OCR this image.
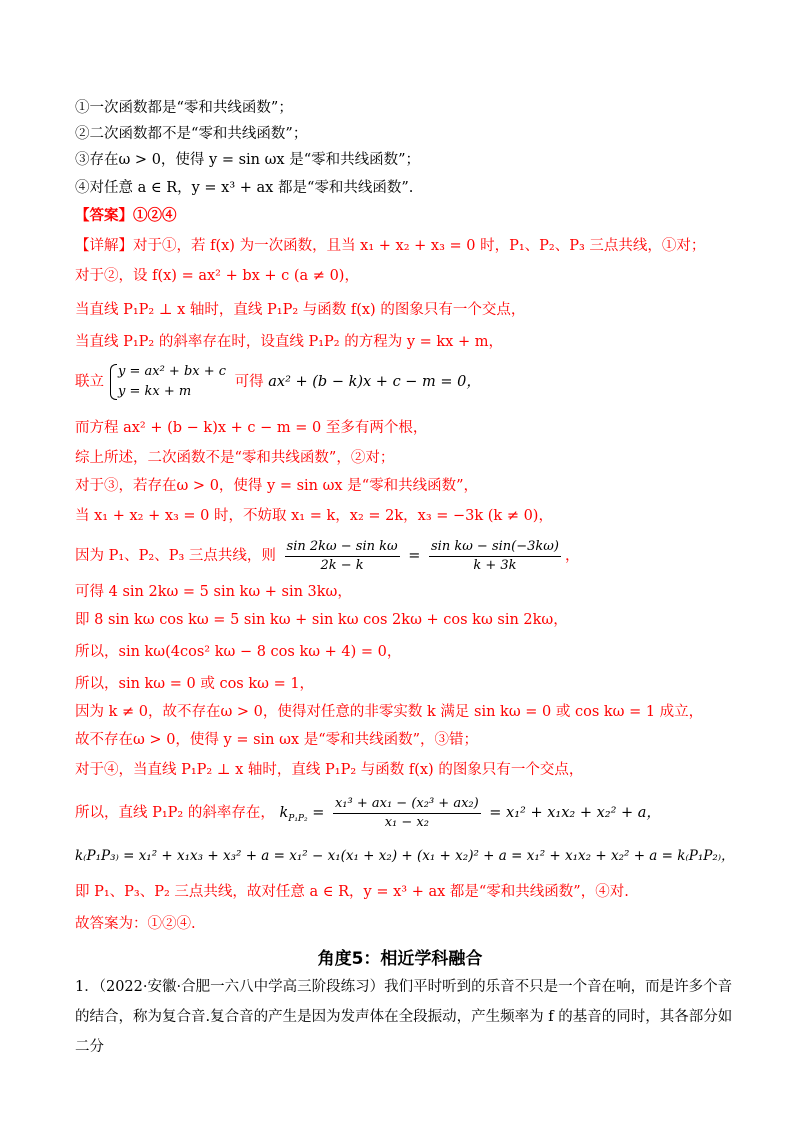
①一次函数都是“零和共线函数”；
②二次函数都不是“零和共线函数”；
③存在ω > 0，使得 y = sin ωx 是“零和共线函数”；
④对任意 a ∈ R，y = x³ + ax 都是“零和共线函数”.
【答案】①②④
【详解】对于①，若 f(x) 为一次函数，且当 x₁ + x₂ + x₃ = 0 时，P₁、P₂、P₃ 三点共线，①对；
对于②，设 f(x) = ax² + bx + c (a ≠ 0)，
当直线 P₁P₂ ⊥ x 轴时，直线 P₁P₂ 与函数 f(x) 的图象只有一个交点，
当直线 P₁P₂ 的斜率存在时，设直线 P₁P₂ 的方程为 y = kx + m，
联立
y = ax² + bx + c
y = kx + m
可得 ax² + (b − k)x + c − m = 0，
而方程 ax² + (b − k)x + c − m = 0 至多有两个根，
综上所述，二次函数不是“零和共线函数”，②对；
对于③，若存在ω > 0，使得 y = sin ωx 是“零和共线函数”，
当 x₁ + x₂ + x₃ = 0 时，不妨取 x₁ = k，x₂ = 2k，x₃ = −3k (k ≠ 0)，
因为 P₁、P₂、P₃ 三点共线，则 $\frac{\text{sin 2kω − sin kω}}{2k - k} = \frac{\text{sin kω − sin(−3kω)}}{k + 3k}$ ，
可得 4 sin 2kω = 5 sin kω + sin 3kω，
即 8 sin kω cos kω = 5 sin kω + sin kω cos 2kω + cos kω sin 2kω，
所以，sin kω(4cos² kω − 8 cos kω + 4) = 0，
所以，sin kω = 0 或 cos kω = 1，
因为 k ≠ 0，故不存在ω > 0，使得对任意的非零实数 k 满足 sin kω = 0 或 cos kω = 1 成立，
故不存在ω > 0，使得 y = sin ωx 是“零和共线函数”，③错；
对于④，当直线 P₁P₂ ⊥ x 轴时，直线 P₁P₂ 与函数 f(x) 的图象只有一个交点，
所以，直线 P₁P₂ 的斜率存在， $k_{P_1P_2} = \frac{\text{x₁³ + ax₁ − (x₂³ + ax₂)}}{\text{x₁ − x₂}} = x_1^2 + x_1x_2 + x_2^2 + a$，
k₍P₁P₃₎ = x₁² + x₁x₃ + x₃² + a = x₁² − x₁(x₁ + x₂) + (x₁ + x₂)² + a = x₁² + x₁x₂ + x₂² + a = k₍P₁P₂₎，
即 P₁、P₃、P₂ 三点共线，故对任意 a ∈ R，y = x³ + ax 都是“零和共线函数”，④对.
故答案为：①②④.
角度5：相近学科融合
1．（2022·安徽·合肥一六八中学高三阶段练习）我们平时听到的乐音不只是一个音在响，而是许多个音的结合，称为复合音.复合音的产生是因为发声体在全段振动，产生频率为 f 的基音的同时，其各部分如二分
